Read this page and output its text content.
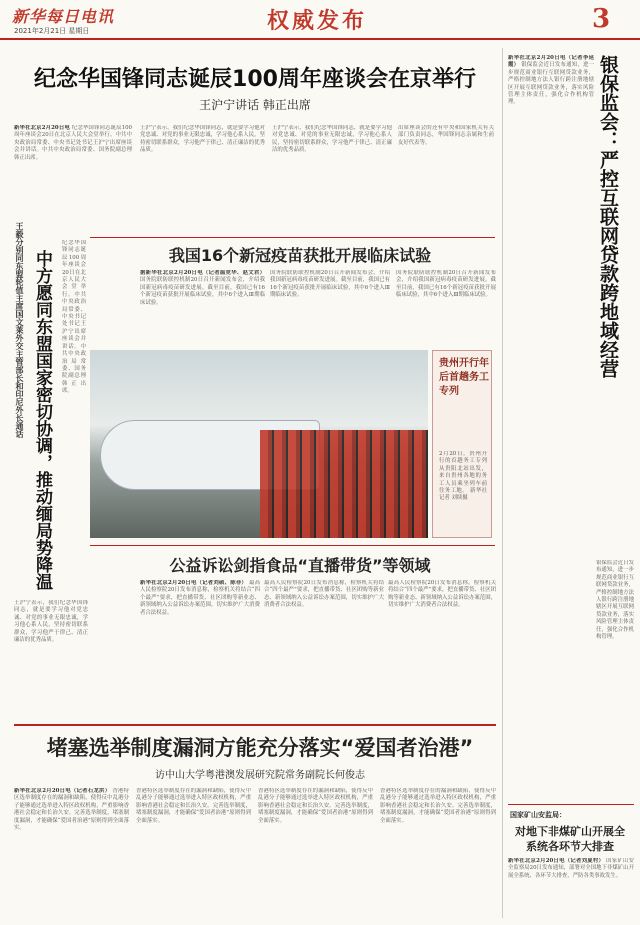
新华每日电讯
2021年2月21日 星期日	权威发布	3
纪念华国锋同志诞辰100周年座谈会在京举行
王沪宁讲话 韩正出席
新华社北京2月20日电 纪念华国锋同志诞辰100周年座谈会20日在北京人民大会堂举行。中共中央政治局常委、中央书记处书记王沪宁出席座谈会并讲话。中共中央政治局常委、国务院副总理韩正出席。
王沪宁表示，我们纪念华国锋同志，就是要学习他对党忠诚、对党的事业无限忠诚，学习他心系人民，坚持密切联系群众，学习他严于律己、清正廉洁的优秀品质。
王沪宁表示，我们纪念华国锋同志，就是要学习他对党忠诚、对党的事业无限忠诚，学习他心系人民，坚持密切联系群众，学习他严于律己、清正廉洁的优秀品质。
出席座谈会的还有中央和国家机关有关部门负责同志，华国锋同志亲属和生前友好代表等。
王毅分别同东盟轮值主席国文莱外交主管部长和印尼外长通话 中方愿同东盟国家密切协调，推动缅局势降温
纪念华国锋同志诞辰100周年座谈会20日在北京人民大会堂举行。中共中央政治局常委、中央书记处书记王沪宁出席座谈会并讲话。中共中央政治局常委、国务院副总理韩正出席。
王沪宁表示，我们纪念华国锋同志，就是要学习他对党忠诚、对党的事业无限忠诚，学习他心系人民，坚持密切联系群众，学习他严于律己、清正廉洁的优秀品质。
我国16个新冠疫苗获批开展临床试验
据新华社北京2月20日电（记者温竞华、赵文君） 国务院联防联控机制20日召开新闻发布会，介绍我国新冠病毒疫苗研发进展。截至目前，我国已有16个新冠疫苗获批开展临床试验，其中6个进入Ⅲ期临床试验。
国务院联防联控机制20日召开新闻发布会，介绍我国新冠病毒疫苗研发进展。截至目前，我国已有16个新冠疫苗获批开展临床试验，其中6个进入Ⅲ期临床试验。
国务院联防联控机制20日召开新闻发布会，介绍我国新冠病毒疫苗研发进展。截至目前，我国已有16个新冠疫苗获批开展临床试验，其中6个进入Ⅲ期临床试验。
贵州开行年后首趟务工专列
2月20日，贵州开行的首趟务工专列从贵阳北站出发，来自贵州各地的务工人员乘坐列车前往务工地。 新华社记者 刘续摄
公益诉讼剑指食品“直播带货”等领域
新华社北京2月20日电（记者刘硕、陈菲） 最高人民检察院20日发布消息称，检察机关将结合“四个最严”要求，把直播带货、社区团购等新业态、新领域纳入公益诉讼办案范围，切实维护广大消费者合法权益。
最高人民检察院20日发布消息称，检察机关将结合“四个最严”要求，把直播带货、社区团购等新业态、新领域纳入公益诉讼办案范围，切实维护广大消费者合法权益。
最高人民检察院20日发布消息称，检察机关将结合“四个最严”要求，把直播带货、社区团购等新业态、新领域纳入公益诉讼办案范围，切实维护广大消费者合法权益。
堵塞选举制度漏洞方能充分落实“爱国者治港”
访中山大学粤港澳发展研究院常务副院长何俊志
新华社北京2月20日电（记者石龙洪） 香港特区选举制度存在的漏洞和缺陷，使得反中乱港分子能够通过选举进入特区政权机构，严重影响香港社会稳定和长治久安。完善选举制度，堵塞制度漏洞，才能确保“爱国者治港”原则得到全面落实。
香港特区选举制度存在的漏洞和缺陷，使得反中乱港分子能够通过选举进入特区政权机构，严重影响香港社会稳定和长治久安。完善选举制度，堵塞制度漏洞，才能确保“爱国者治港”原则得到全面落实。
香港特区选举制度存在的漏洞和缺陷，使得反中乱港分子能够通过选举进入特区政权机构，严重影响香港社会稳定和长治久安。完善选举制度，堵塞制度漏洞，才能确保“爱国者治港”原则得到全面落实。
香港特区选举制度存在的漏洞和缺陷，使得反中乱港分子能够通过选举进入特区政权机构，严重影响香港社会稳定和长治久安。完善选举制度，堵塞制度漏洞，才能确保“爱国者治港”原则得到全面落实。
银保监会：严控互联网贷款跨地域经营
新华社北京2月20日电（记者李延霞） 银保监会近日发布通知，进一步规范商业银行互联网贷款业务，严格控制地方法人银行跨注册地辖区开展互联网贷款业务，落实风险管理主体责任，强化合作机构管理。
银保监会近日发布通知，进一步规范商业银行互联网贷款业务，严格控制地方法人银行跨注册地辖区开展互联网贷款业务，落实风险管理主体责任，强化合作机构管理。
国家矿山安监局：
对地下非煤矿山开展全系统各环节大排查
新华社北京2月20日电（记者刘夏村） 国家矿山安全监察局20日发布通知，部署对全国地下非煤矿山开展全系统、各环节大排查，严防各类事故发生。
